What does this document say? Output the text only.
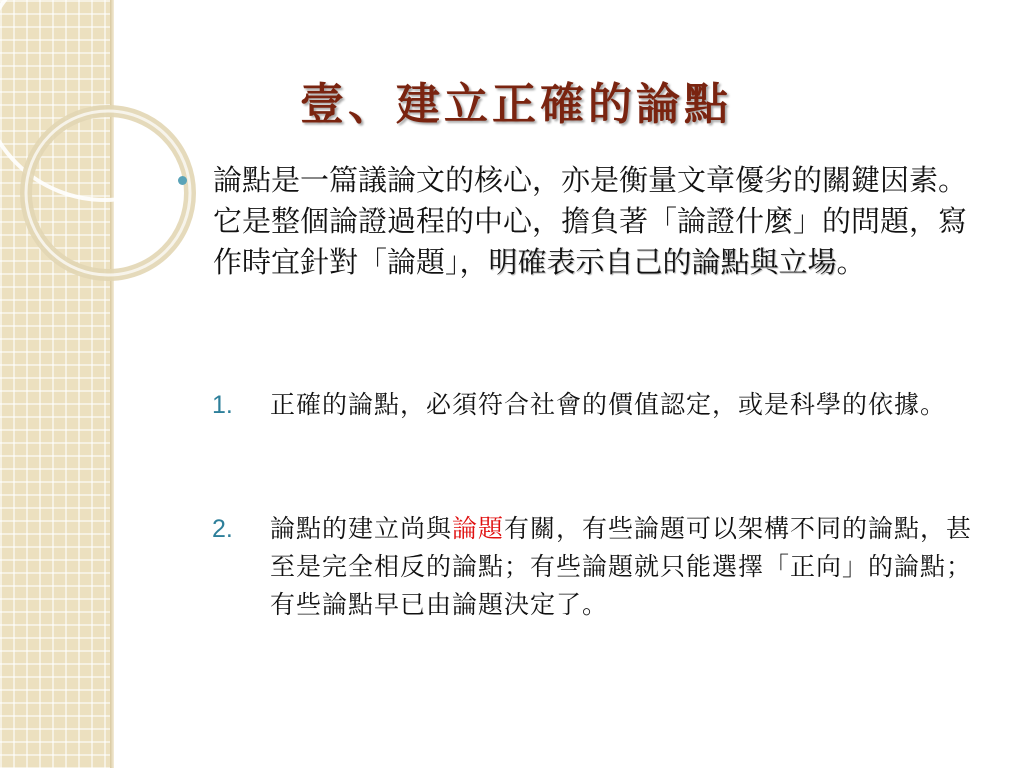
壹、建立正確的論點
論點是一篇議論文的核心，亦是衡量文章優劣的關鍵因素。它是整個論證過程的中心，擔負著「論證什麼」的問題，寫作時宜針對「論題」，明確表示自己的論點與立場。
1. 正確的論點，必須符合社會的價值認定，或是科學的依據。
2. 論點的建立尚與論題有關，有些論題可以架構不同的論點，甚至是完全相反的論點；有些論題就只能選擇「正向」的論點；有些論點早已由論題決定了。
